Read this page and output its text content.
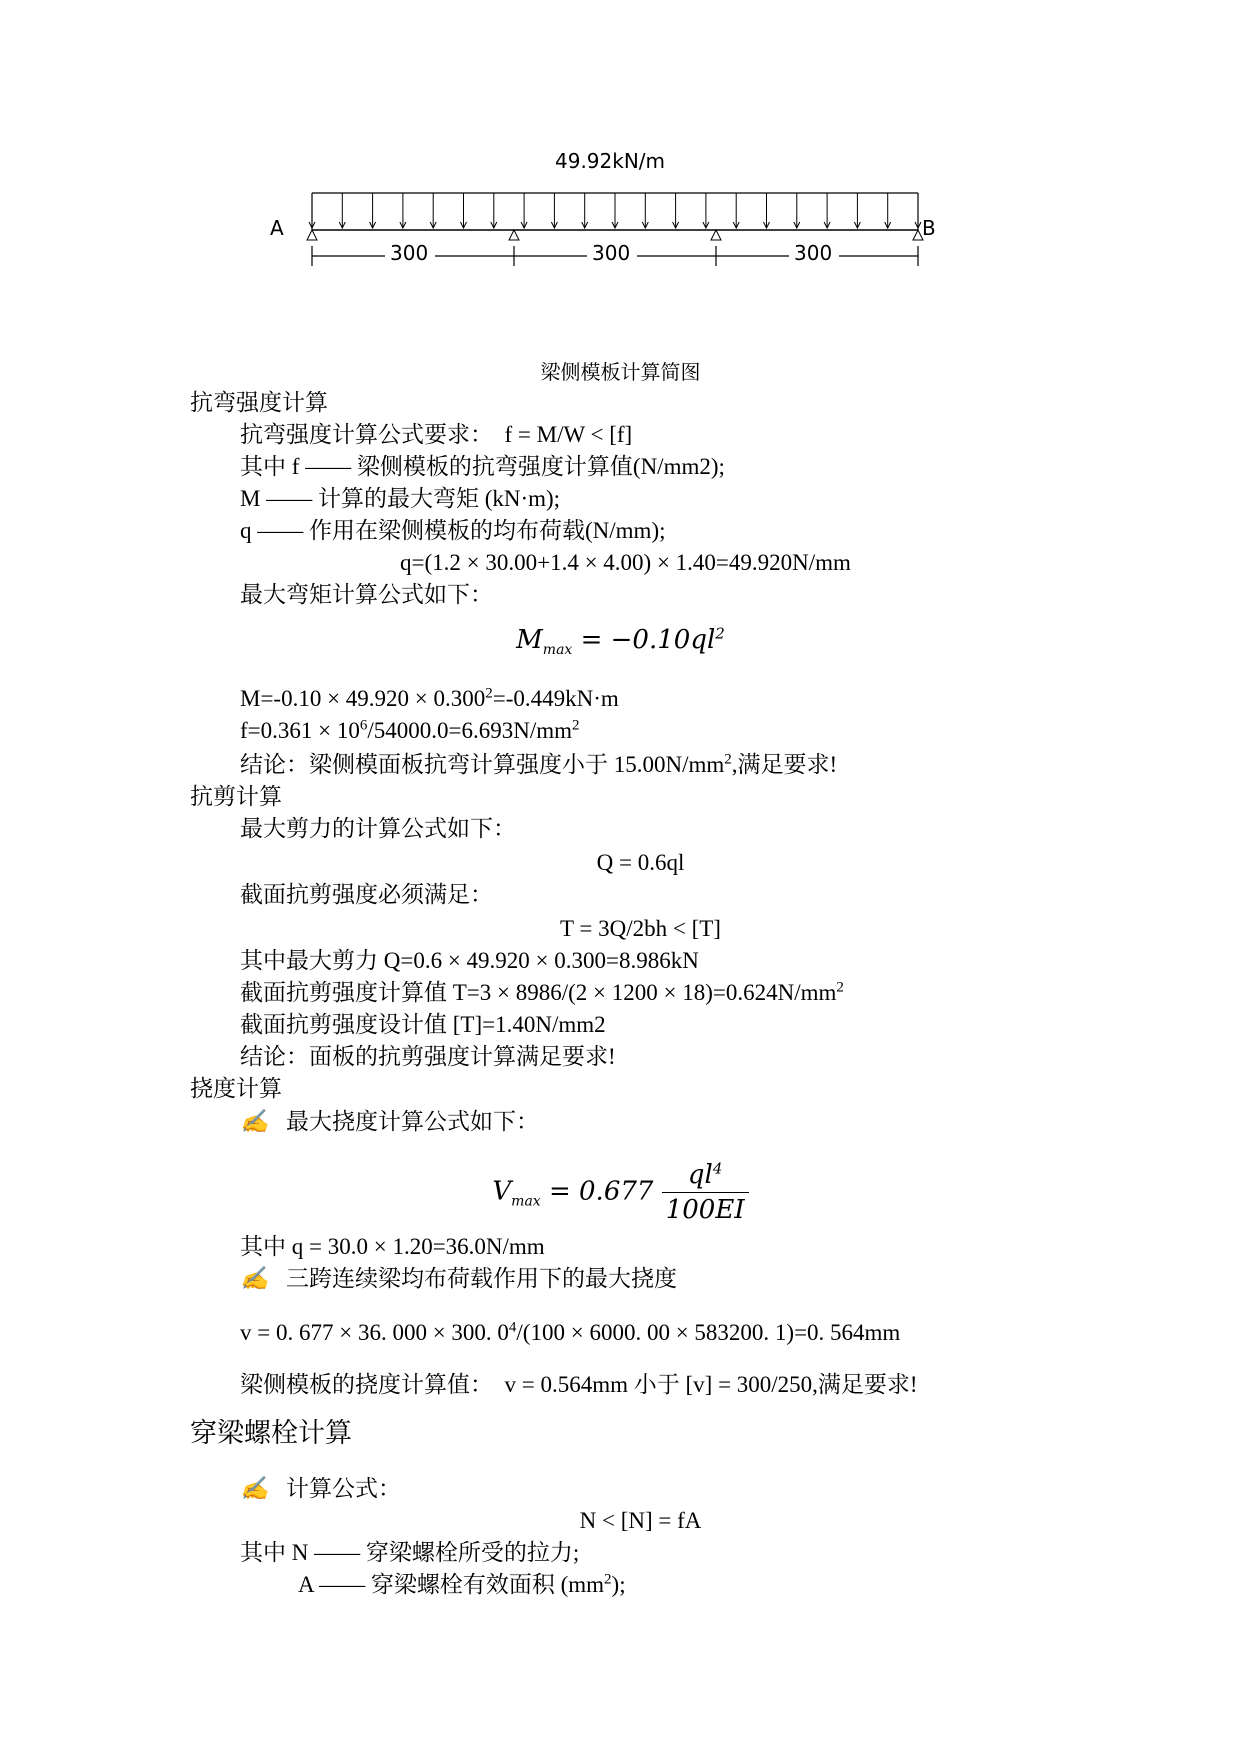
49.92kN/m
A	B
300	300	300
梁侧模板计算简图
抗弯强度计算
抗弯强度计算公式要求：　f = M/W < [f]
其中 f —— 梁侧模板的抗弯强度计算值(N/mm2);
M —— 计算的最大弯矩 (kN·m);
q —— 作用在梁侧模板的均布荷载(N/mm);
q=(1.2 × 30.00+1.4 × 4.00) × 1.40=49.920N/mm
最大弯矩计算公式如下：
$M_{max} = -0.10ql^2$
$M=-0.10 \times 49.920 \times 0.300^2=-0.449kN\cdot m$
$f=0.361 \times 10^6/54000.0=6.693N/mm^2$
结论：梁侧模面板抗弯计算强度小于 $15.00N/mm^2$,满足要求!
抗剪计算
最大剪力的计算公式如下：
Q = 0.6ql
截面抗剪强度必须满足：
T = 3Q/2bh < [T]
其中最大剪力 Q=0.6 × 49.920 × 0.300=8.986kN
截面抗剪强度计算值 $T=3 \times 8986/(2 \times 1200 \times 18)=0.624N/mm^2$
截面抗剪强度设计值 [T]=1.40N/mm2
结论：面板的抗剪强度计算满足要求!
挠度计算
✍ 最大挠度计算公式如下：
$V_{max} = 0.677 \frac{ql^4}{100EI}$
其中 q = 30.0 × 1.20=36.0N/mm
✍ 三跨连续梁均布荷载作用下的最大挠度
v = 0. 677 × 36. 000 × 300. $0^4/(100 \times 6000$. 00 × 583200. 1)=0. 564mm
梁侧模板的挠度计算值：　v = 0.564mm 小于 [v] = 300/250,满足要求!
穿梁螺栓计算
✍ 计算公式：
N < [N] = fA
其中 N —— 穿梁螺栓所受的拉力;
A —— 穿梁螺栓有效面积 $(mm^2)$;
